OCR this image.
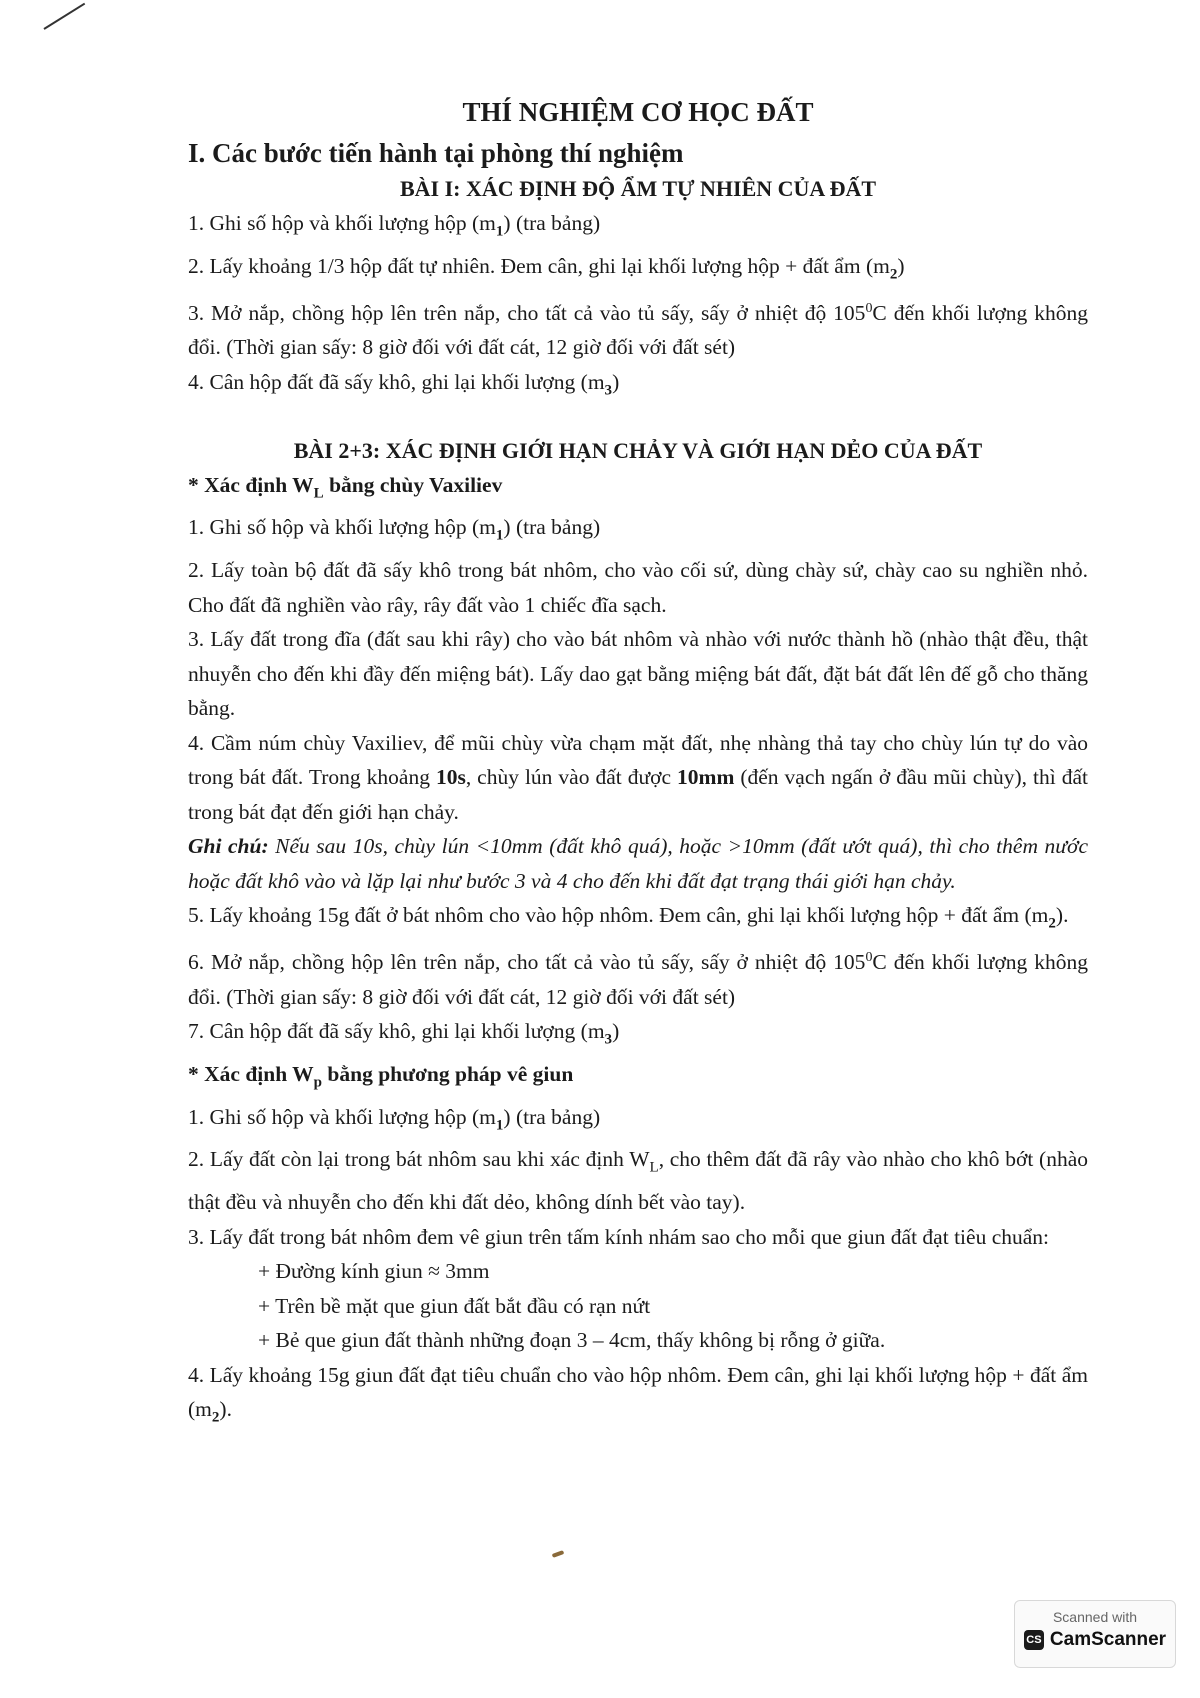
THÍ NGHIỆM CƠ HỌC ĐẤT
I. Các bước tiến hành tại phòng thí nghiệm
BÀI I: XÁC ĐỊNH ĐỘ ẨM TỰ NHIÊN CỦA ĐẤT

1. Ghi số hộp và khối lượng hộp $(m_1)$ (tra bảng)

2. Lấy khoảng 1/3 hộp đất tự nhiên. Đem cân, ghi lại khối lượng hộp + đất ẩm $(m_2)$

3. Mở nắp, chồng hộp lên trên nắp, cho tất cả vào tủ sấy, sấy ở nhiệt độ $105^0C$ đến khối lượng không đổi. (Thời gian sấy: 8 giờ đối với đất cát, 12 giờ đối với đất sét)

4. Cân hộp đất đã sấy khô, ghi lại khối lượng $(m_3)$

BÀI 2+3: XÁC ĐỊNH GIỚI HẠN CHẢY VÀ GIỚI HẠN DẺO CỦA ĐẤT
* Xác định $W_L$ bằng chùy Vaxiliev

1. Ghi số hộp và khối lượng hộp $(m_1)$ (tra bảng)

2. Lấy toàn bộ đất đã sấy khô trong bát nhôm, cho vào cối sứ, dùng chày sứ, chày cao su nghiền nhỏ. Cho đất đã nghiền vào rây, rây đất vào 1 chiếc đĩa sạch.

3. Lấy đất trong đĩa (đất sau khi rây) cho vào bát nhôm và nhào với nước thành hồ (nhào thật đều, thật nhuyễn cho đến khi đầy đến miệng bát). Lấy dao gạt bằng miệng bát đất, đặt bát đất lên đế gỗ cho thăng bằng.

4. Cầm núm chùy Vaxiliev, để mũi chùy vừa chạm mặt đất, nhẹ nhàng thả tay cho chùy lún tự do vào trong bát đất. Trong khoảng 10s, chùy lún vào đất được 10mm (đến vạch ngấn ở đầu mũi chùy), thì đất trong bát đạt đến giới hạn chảy.

Ghi chú: Nếu sau 10s, chùy lún <10mm (đất khô quá), hoặc >10mm (đất ướt quá), thì cho thêm nước hoặc đất khô vào và lặp lại như bước 3 và 4 cho đến khi đất đạt trạng thái giới hạn chảy.

5. Lấy khoảng 15g đất ở bát nhôm cho vào hộp nhôm. Đem cân, ghi lại khối lượng hộp + đất ẩm $(m_2)$.

6. Mở nắp, chồng hộp lên trên nắp, cho tất cả vào tủ sấy, sấy ở nhiệt độ $105^0C$ đến khối lượng không đổi. (Thời gian sấy: 8 giờ đối với đất cát, 12 giờ đối với đất sét)

7. Cân hộp đất đã sấy khô, ghi lại khối lượng $(m_3)$

* Xác định $W_p$ bằng phương pháp vê giun

1. Ghi số hộp và khối lượng hộp $(m_1)$ (tra bảng)

2. Lấy đất còn lại trong bát nhôm sau khi xác định $W_L$, cho thêm đất đã rây vào nhào cho khô bớt (nhào thật đều và nhuyễn cho đến khi đất dẻo, không dính bết vào tay).

3. Lấy đất trong bát nhôm đem vê giun trên tấm kính nhám sao cho mỗi que giun đất đạt tiêu chuẩn:

+ Đường kính giun ≈ 3mm
+ Trên bề mặt que giun đất bắt đầu có rạn nứt
+ Bẻ que giun đất thành những đoạn 3 – 4cm, thấy không bị rỗng ở giữa.

4. Lấy khoảng 15g giun đất đạt tiêu chuẩn cho vào hộp nhôm. Đem cân, ghi lại khối lượng hộp + đất ẩm $(m_2)$.

Scanned with
CS CamScanner
